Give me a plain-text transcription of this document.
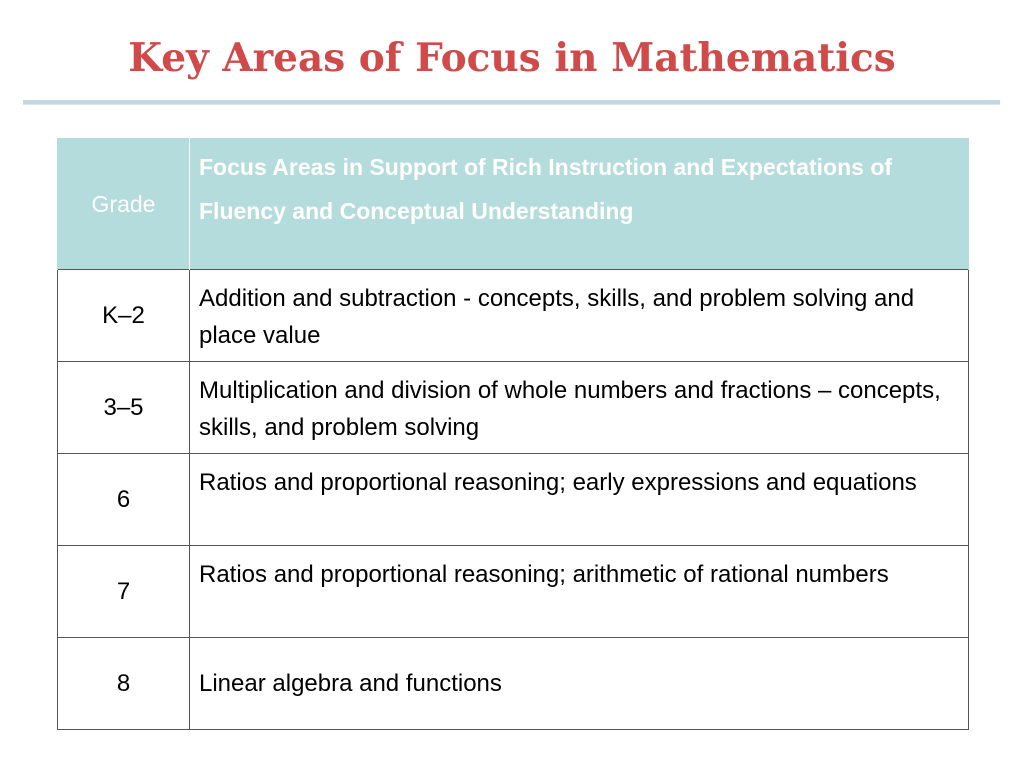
Key Areas of Focus in Mathematics
Grade	Focus Areas in Support of Rich Instruction and Expectations of Fluency and Conceptual Understanding
K–2	Addition and subtraction - concepts, skills, and problem solving and place value
3–5	Multiplication and division of whole numbers and fractions – concepts, skills, and problem solving
6	Ratios and proportional reasoning; early expressions and equations
7	Ratios and proportional reasoning; arithmetic of rational numbers
8	Linear algebra and functions
